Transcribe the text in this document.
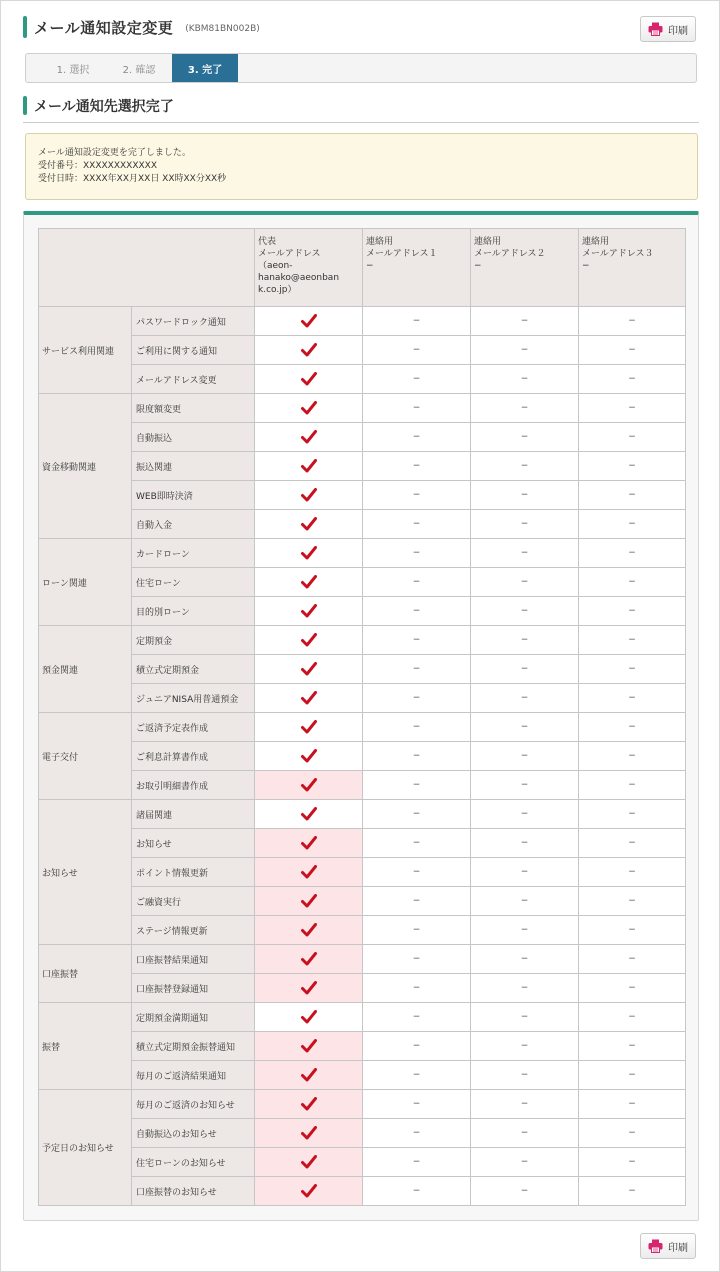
メール通知設定変更 (KBM81BN002B)	印刷
1. 選択	2. 確認	3. 完了
メール通知先選択完了
メール通知設定変更を完了しました。
受付番号：XXXXXXXXXXXX
受付日時：XXXX年XX月XX日 XX時XX分XX秒
		代表
メールアドレス
（aeon-
hanako@aeonban
k.co.jp）	連絡用
メールアドレス１
−	連絡用
メールアドレス２
−	連絡用
メールアドレス３
−
サービス利用関連	パスワードロック通知		−	−	−
	ご利用に関する通知		−	−	−
	メールアドレス変更		−	−	−
資金移動関連	限度額変更		−	−	−
	自動振込		−	−	−
	振込関連		−	−	−
	WEB即時決済		−	−	−
	自動入金		−	−	−
ローン関連	カードローン		−	−	−
	住宅ローン		−	−	−
	目的別ローン		−	−	−
預金関連	定期預金		−	−	−
	積立式定期預金		−	−	−
	ジュニアNISA用普通預金		−	−	−
電子交付	ご返済予定表作成		−	−	−
	ご利息計算書作成		−	−	−
	お取引明細書作成		−	−	−
お知らせ	諸届関連		−	−	−
	お知らせ		−	−	−
	ポイント情報更新		−	−	−
	ご融資実行		−	−	−
	ステージ情報更新		−	−	−
口座振替	口座振替結果通知		−	−	−
	口座振替登録通知		−	−	−
振替	定期預金満期通知		−	−	−
	積立式定期預金振替通知		−	−	−
	毎月のご返済結果通知		−	−	−
予定日のお知らせ	毎月のご返済のお知らせ		−	−	−
	自動振込のお知らせ		−	−	−
	住宅ローンのお知らせ		−	−	−
	口座振替のお知らせ		−	−	−
印刷
